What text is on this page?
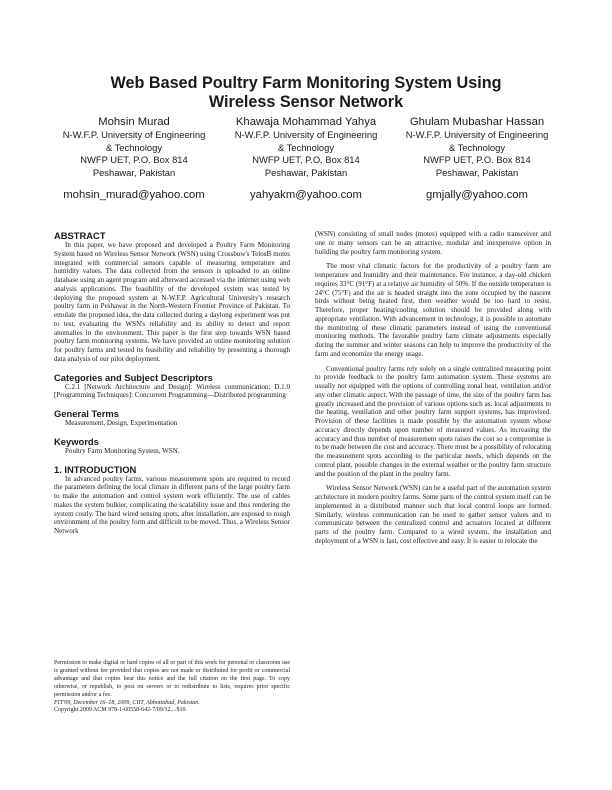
Web Based Poultry Farm Monitoring System Using
Wireless Sensor Network
Mohsin Murad
N-W.F.P. University of Engineering
& Technology
NWFP UET, P.O. Box 814
Peshawar, Pakistan
mohsin_murad@yahoo.com
Khawaja Mohammad Yahya
N-W.F.P. University of Engineering
& Technology
NWFP UET, P.O. Box 814
Peshawar, Pakistan
yahyakm@yahoo.com
Ghulam Mubashar Hassan
N-W.F.P. University of Engineering
& Technology
NWFP UET, P.O. Box 814
Peshawar, Pakistan
gmjally@yahoo.com
ABSTRACT

In this paper, we have proposed and developed a Poultry Farm Monitoring System based on Wireless Sensor Network (WSN) using Crossbow's TelosB motes integrated with commercial sensors capable of measuring temperature and humidity values. The data collected from the sensors is uploaded to an online database using an agent program and afterward accessed via the internet using web analysis applications. The feasibility of the developed system was tested by deploying the proposed system at N-W.F.P. Agricultural University's research poultry farm in Peshawar in the North-Western Frontier Province of Pakistan. To emulate the proposed idea, the data collected during a daylong experiment was put to test, evaluating the WSN's reliability and its ability to detect and report anomalies in the environment. This paper is the first step towards WSN based poultry farm monitoring systems. We have provided an online monitoring solution for poultry farms and tested its feasibility and reliability by presenting a thorough data analysis of our pilot deployment.

Categories and Subject Descriptors

C.2.1 [Network Architecture and Design]: Wireless communication; D.1.0 [Programming Techniques]: Concurrent Programming—Distributed programming

General Terms

Measurement, Design, Experimentation

Keywords

Poultry Farm Monitoring System, WSN.

1. INTRODUCTION

In advanced poultry farms, various measurement spots are required to record the parameters defining the local climate in different parts of the large poultry farm to make the automation and control system work efficiently. The use of cables makes the system bulkier, complicating the scalability issue and thus rendering the system costly. The hard wired sensing spots, after installation, are exposed to rough environment of the poultry form and difficult to be moved. Thus, a Wireless Sensor Network

Permission to make digital or hard copies of all or part of this work for personal or classroom use is granted without fee provided that copies are not made or distributed for profit or commercial advantage and that copies bear this notice and the full citation on the first page. To copy otherwise, or republish, to post on servers or to redistribute to lists, requires prior specific permission and/or a fee.

FIT'09, December 16–18, 2009, CIIT, Abbottabad, Pakistan.

Copyright 2009 ACM 978-1-60558-642-7/09/12....$10.

(WSN) consisting of small nodes (motes) equipped with a radio transceiver and one or many sensors can be an attractive, modular and inexpensive option in building the poultry farm monitoring system.

The most vital climatic factors for the productivity of a poultry farm are temperature and humidity and their maintenance. For instance, a day-old chicken requires 33°C (91°F) at a relative air humidity of 50%. If the outside temperature is 24°C (75°F) and the air is headed straight into the zone occupied by the nascent birds without being heated first, then weather would be too hard to resist. Therefore, proper heating/cooling solution should be provided along with appropriate ventilation. With advancement in technology, it is possible to automate the monitoring of these climatic parameters instead of using the conventional monitoring methods. The favorable poultry farm climate adjustments especially during the summer and winter seasons can help to improve the productivity of the farm and economize the energy usage.

Conventional poultry farms rely solely on a single centralized measuring point to provide feedback to the poultry farm automation system. These systems are usually not equipped with the options of controlling zonal heat, ventilation and/or any other climatic aspect. With the passage of time, the size of the poultry farm has greatly increased and the provision of various options such as, local adjustments to the heating, ventilation and other poultry farm support systems, has improvised. Provision of these facilities is made possible by the automation system whose accuracy directly depends upon number of measured values. As increasing the accuracy and thus number of measurement spots raises the cost so a compromise is to be made between the cost and accuracy. There must be a possibility of relocating the measurement spots according to the particular needs, which depends on the control plant, possible changes in the external weather or the poultry farm structure and the position of the plant in the poultry farm.

Wireless Sensor Network (WSN) can be a useful part of the automation system architecture in modern poultry farms. Some parts of the control system itself can be implemented in a distributed manner such that local control loops are formed. Similarly, wireless communication can be used to gather sensor values and to communicate between the centralized control and actuators located at different parts of the poultry farm. Compared to a wired system, the installation and deployment of a WSN is fast, cost effective and easy. It is easier to relocate the
